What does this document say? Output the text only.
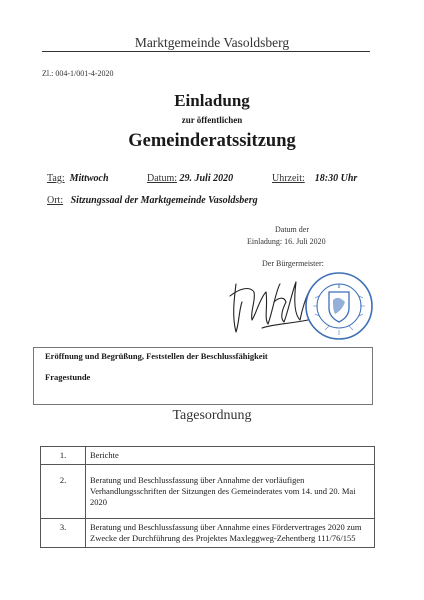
Marktgemeinde Vasoldsberg
Zl.: 004-1/001-4-2020
Einladung
zur öffentlichen
Gemeinderatssitzung
Tag: Mittwoch	Datum: 29. Juli 2020	Uhrzeit: 18:30 Uhr
Ort: Sitzungssaal der Marktgemeinde Vasoldsberg
Datum der
Einladung: 16. Juli 2020
Der Bürgermeister:
8
Eröffnung und Begrüßung, Feststellen der Beschlussfähigkeit
Fragestunde
Tagesordnung
1.	Berichte
2.	Beratung und Beschlussfassung über Annahme der vorläufigen Verhandlungsschriften der Sitzungen des Gemeinderates vom 14. und 20. Mai 2020
3.	Beratung und Beschlussfassung über Annahme eines Fördervertrages 2020 zum Zwecke der Durchführung des Projektes Maxleggweg-Zehentberg 111/76/155
